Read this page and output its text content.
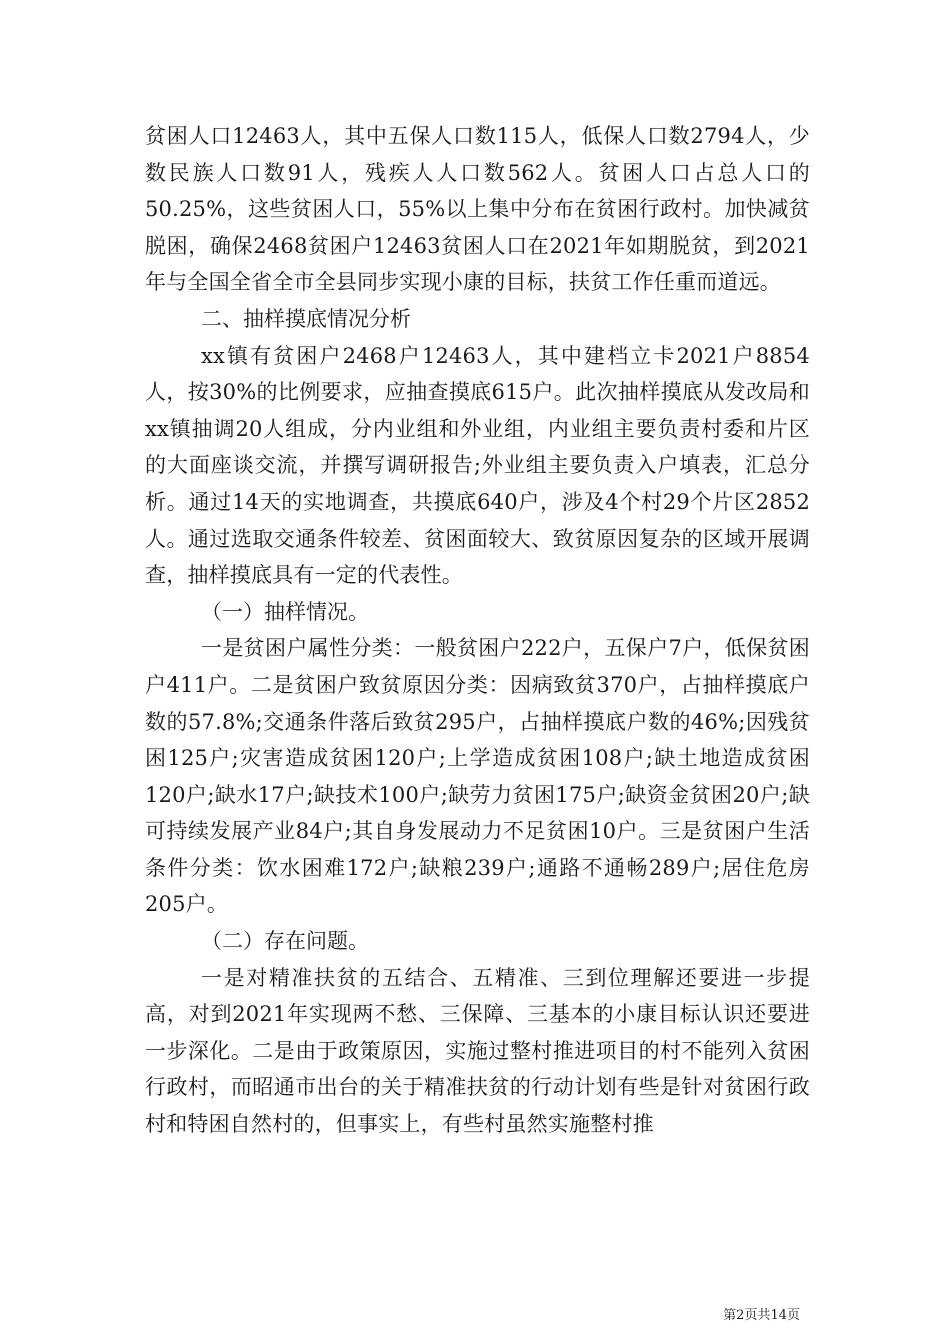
贫困人口12463人，其中五保人口数115人，低保人口数2794人，少数民族人口数91人，残疾人人口数562人。贫困人口占总人口的50.25%，这些贫困人口，55%以上集中分布在贫困行政村。加快减贫脱困，确保2468贫困户12463贫困人口在2021年如期脱贫，到2021年与全国全省全市全县同步实现小康的目标，扶贫工作任重而道远。

二、抽样摸底情况分析

xx镇有贫困户2468户12463人，其中建档立卡2021户8854人，按30%的比例要求，应抽查摸底615户。此次抽样摸底从发改局和xx镇抽调20人组成，分内业组和外业组，内业组主要负责村委和片区的大面座谈交流，并撰写调研报告;外业组主要负责入户填表，汇总分析。通过14天的实地调查，共摸底640户，涉及4个村29个片区2852人。通过选取交通条件较差、贫困面较大、致贫原因复杂的区域开展调查，抽样摸底具有一定的代表性。

（一）抽样情况。

一是贫困户属性分类：一般贫困户222户，五保户7户，低保贫困户411户。二是贫困户致贫原因分类：因病致贫370户，占抽样摸底户数的57.8%;交通条件落后致贫295户，占抽样摸底户数的46%;因残贫困125户;灾害造成贫困120户;上学造成贫困108户;缺土地造成贫困120户;缺水17户;缺技术100户;缺劳力贫困175户;缺资金贫困20户;缺可持续发展产业84户;其自身发展动力不足贫困10户。三是贫困户生活条件分类：饮水困难172户;缺粮239户;通路不通畅289户;居住危房205户。

（二）存在问题。

一是对精准扶贫的五结合、五精准、三到位理解还要进一步提高，对到2021年实现两不愁、三保障、三基本的小康目标认识还要进一步深化。二是由于政策原因，实施过整村推进项目的村不能列入贫困行政村，而昭通市出台的关于精准扶贫的行动计划有些是针对贫困行政村和特困自然村的，但事实上，有些村虽然实施整村推

第2页共14页
